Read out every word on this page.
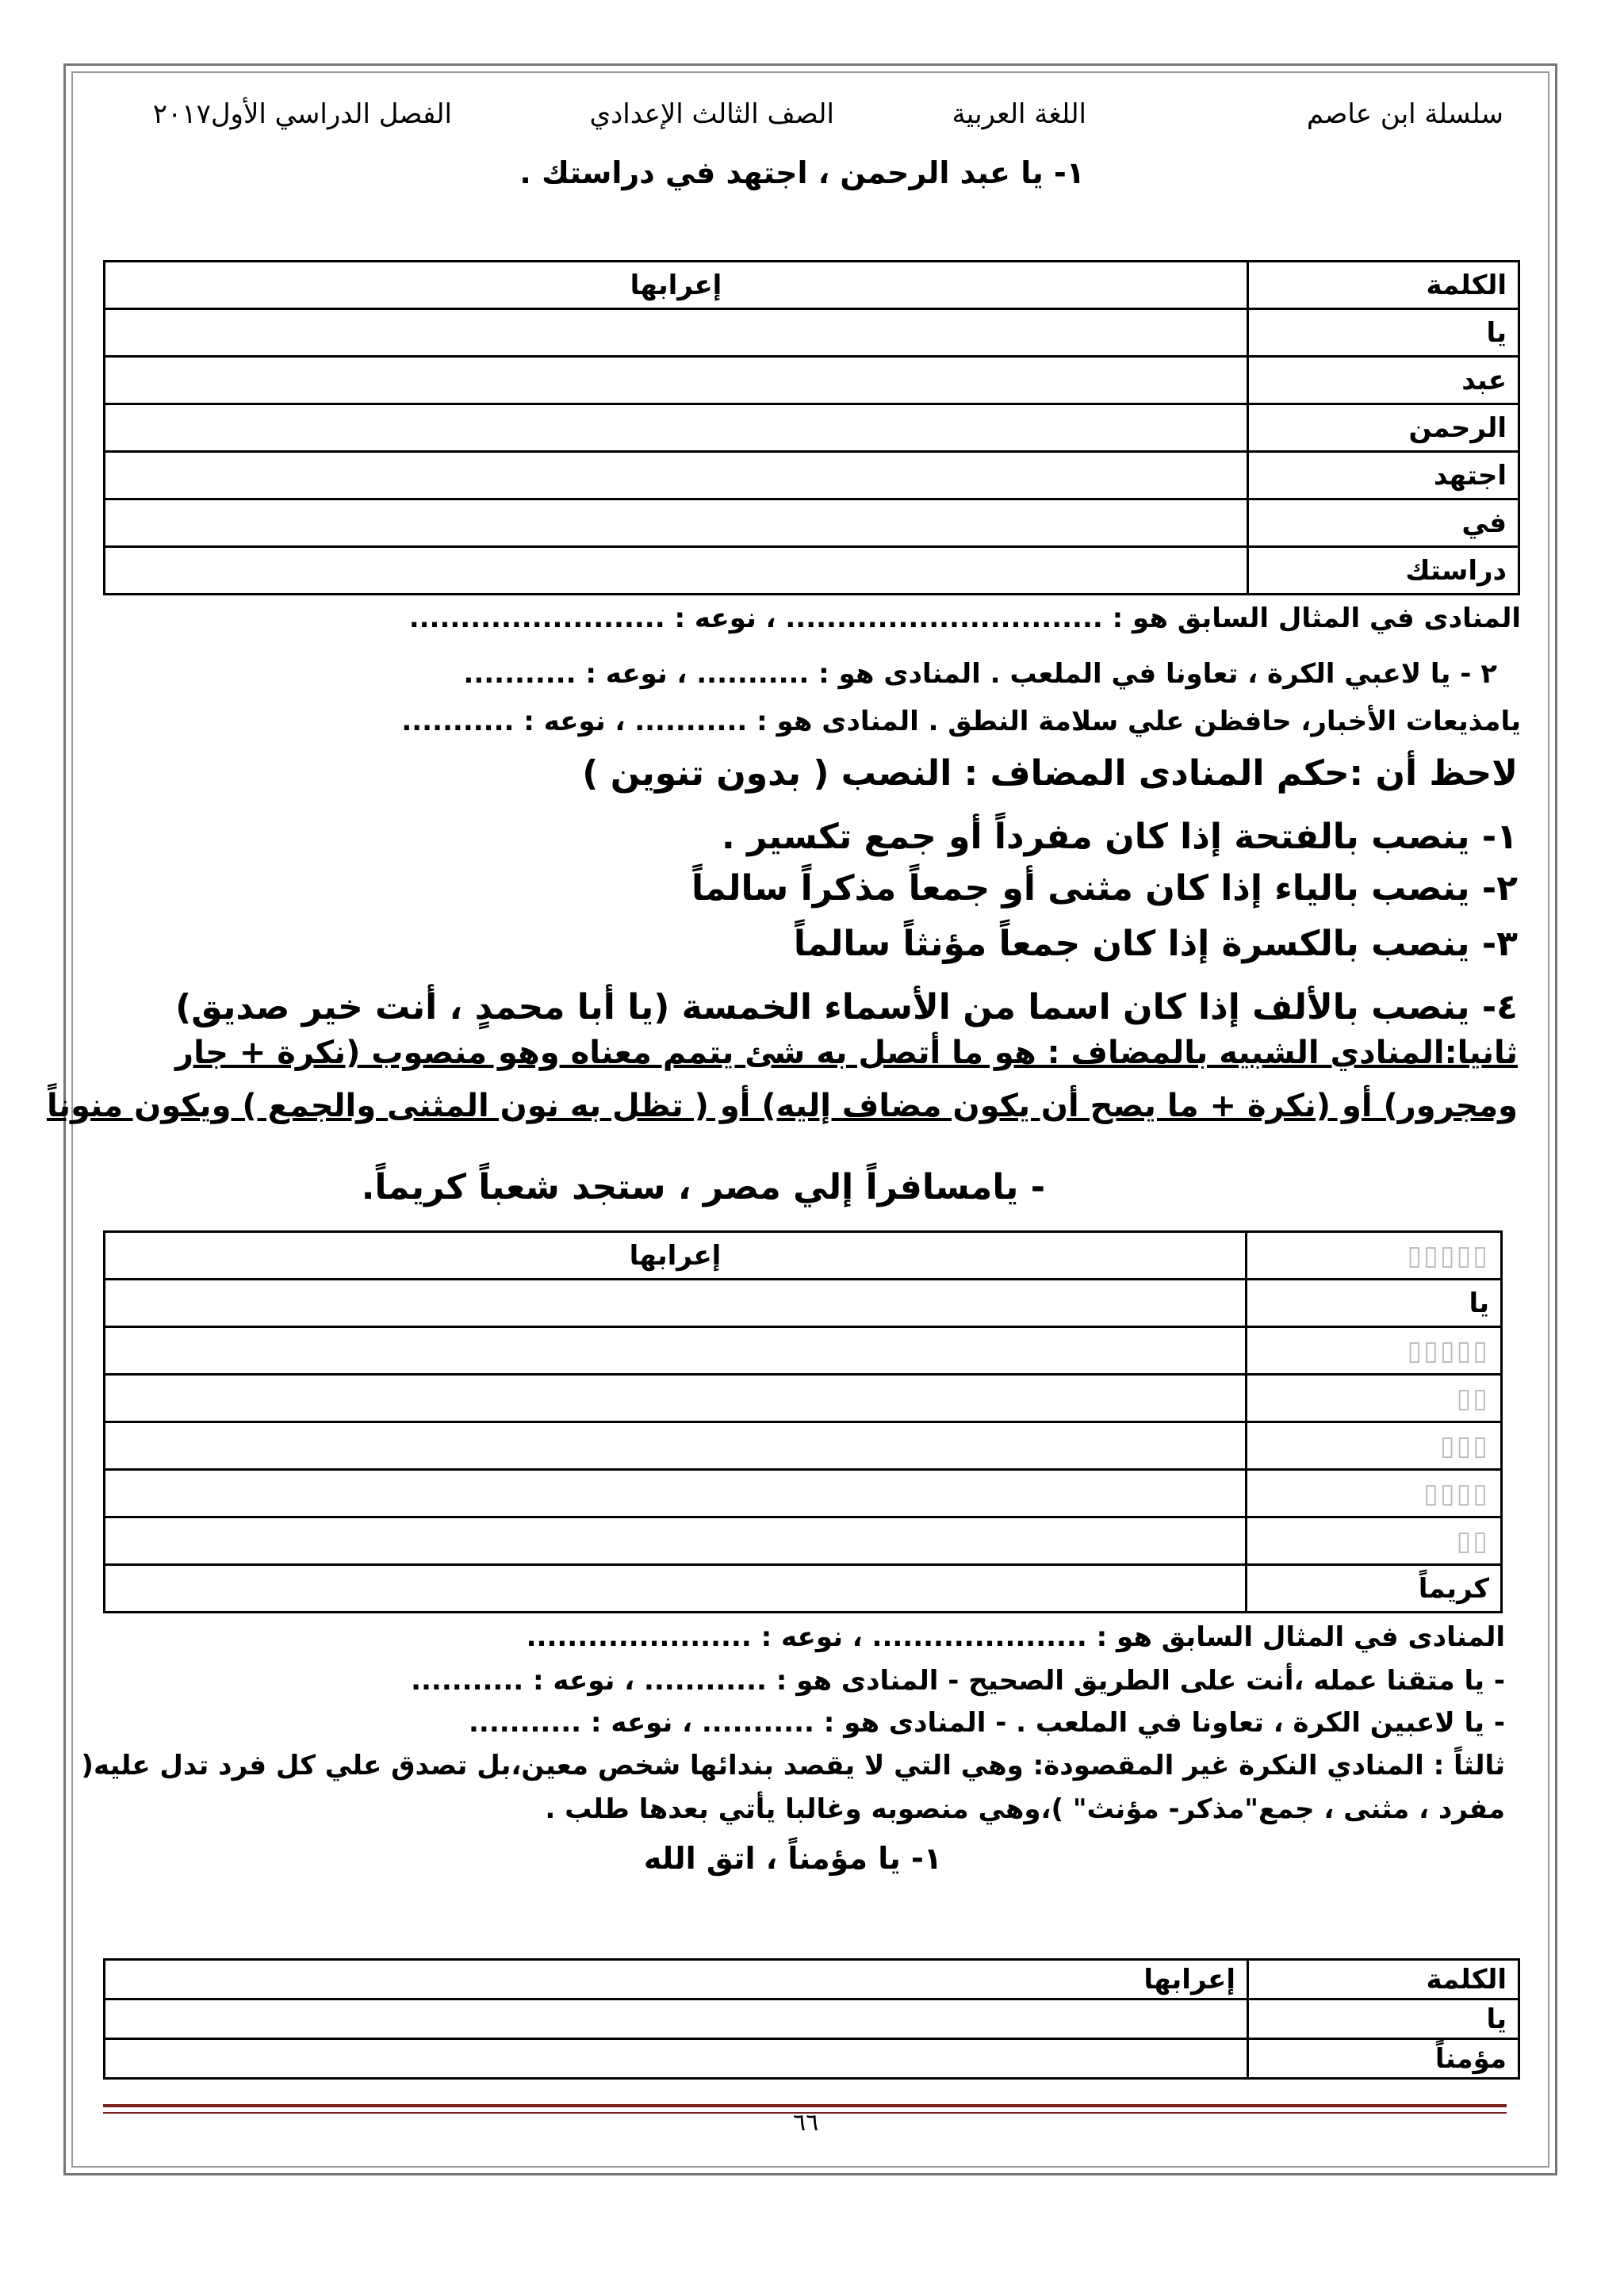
سلسلة ابن عاصم
اللغة العربية
الصف الثالث الإعدادي
الفصل الدراسي الأول٢٠١٧
١- يا عبد الرحمن ، اجتهد في دراستك .
الكلمة	إعرابها
يا	
عبد	
الرحمن	
اجتهد	
في	
دراستك	
المنادى في المثال السابق هو : ............................... ، نوعه : .........................
٢ - يا لاعبي الكرة ، تعاونا في الملعب . المنادى هو : ........... ، نوعه : ...........
يامذيعات الأخبار، حافظن علي سلامة النطق . المنادى هو : ........... ، نوعه : ...........
لاحظ أن :حكم المنادى المضاف : النصب ( بدون تنوين )
١- ينصب بالفتحة إذا كان مفرداً أو جمع تكسير .
٢- ينصب بالياء إذا كان مثنى أو جمعاً مذكراً سالماً
٣- ينصب بالكسرة إذا كان جمعاً مؤنثاً سالماً
٤- ينصب بالألف إذا كان اسما من الأسماء الخمسة (يا أبا محمدٍ ، أنت خير صديق)
ثانيا:المنادي الشبيه بالمضاف : هو ما أتصل به شئ يتمم معناه وهو منصوب (نكرة + جار
ومجرور) أو (نكرة + ما يصح أن يكون مضاف إليه) أو ( تظل به نون المثنى والجمع ) ويكون منوناً
- يامسافراً إلي مصر ، ستجد شعباً كريماً.
▯▯▯▯▯	إعرابها
يا	
▯▯▯▯▯	
▯▯	
▯▯▯	
▯▯▯▯	
▯▯	
كريماً	
المنادى في المثال السابق هو : ..................... ، نوعه : ......................
- يا متقنا عمله ،أنت على الطريق الصحيح - المنادى هو : ............ ، نوعه : ...........
- يا لاعبين الكرة ، تعاونا في الملعب . - المنادى هو : ........... ، نوعه : ...........
ثالثاً : المنادي النكرة غير المقصودة: وهي التي لا يقصد بندائها شخص معين،بل تصدق علي كل فرد تدل عليه(
مفرد ، مثنى ، جمع"مذكر- مؤنث" )،وهي منصوبه وغالبا يأتي بعدها طلب .
١- يا مؤمناً ، اتق الله
الكلمة	إعرابها
يا	
مؤمناً	
٦٦
